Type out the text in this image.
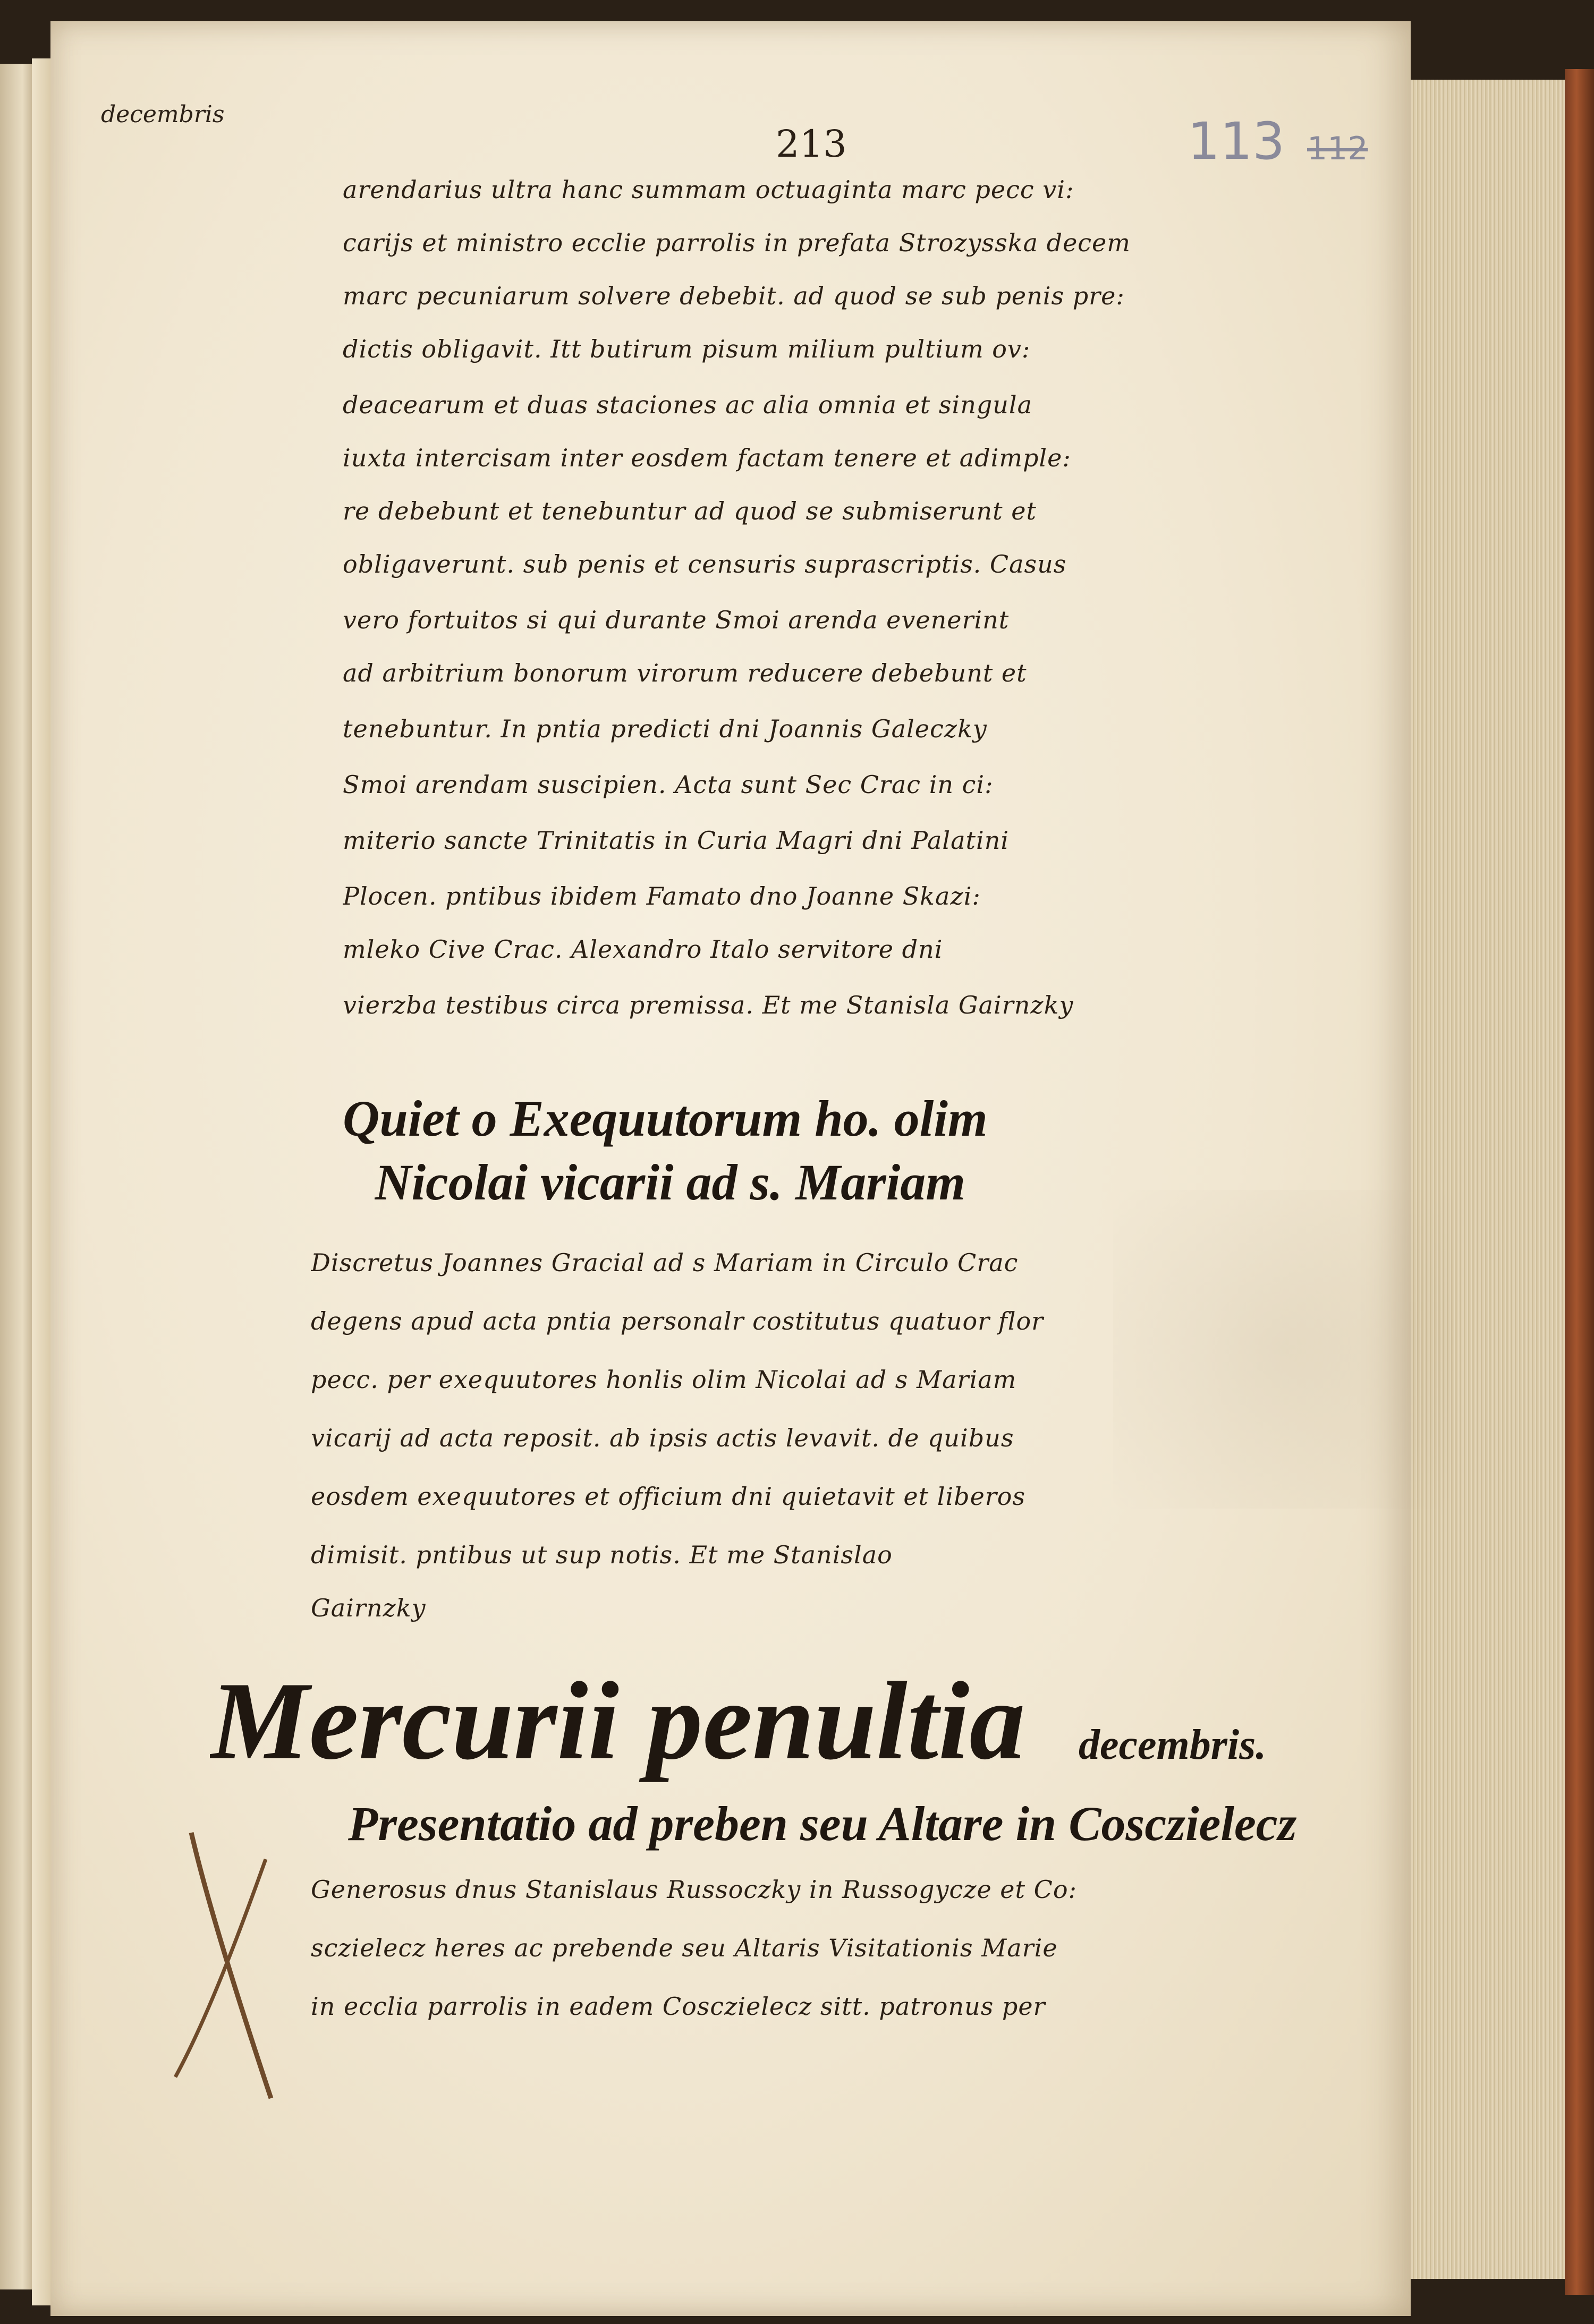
decembris
213	113 112
arendarius ultra hanc summam octuaginta marc pecc vi:
carijs et ministro ecclie parrolis in prefata Strozysska decem
marc pecuniarum solvere debebit. ad quod se sub penis pre:
dictis obligavit. Itt butirum pisum milium pultium ov:
deacearum et duas staciones ac alia omnia et singula
iuxta intercisam inter eosdem factam tenere et adimple:
re debebunt et tenebuntur ad quod se submiserunt et
obligaverunt. sub penis et censuris suprascriptis. Casus
vero fortuitos si qui durante Smoi arenda evenerint
ad arbitrium bonorum virorum reducere debebunt et
tenebuntur. In pntia predicti dni Joannis Galeczky
Smoi arendam suscipien. Acta sunt Sec Crac in ci:
miterio sancte Trinitatis in Curia Magri dni Palatini
Plocen. pntibus ibidem Famato dno Joanne Skazi:
mleko Cive Crac. Alexandro Italo servitore dni
vierzba testibus circa premissa. Et me Stanisla Gairnzky
Quiet o Exequutorum ho. olim
Nicolai vicarii ad s. Mariam
Discretus Joannes Gracial ad s Mariam in Circulo Crac
degens apud acta pntia personalr costitutus quatuor flor
pecc. per exequutores honlis olim Nicolai ad s Mariam
vicarij ad acta reposit. ab ipsis actis levavit. de quibus
eosdem exequutores et officium dni quietavit et liberos
dimisit. pntibus ut sup notis. Et me Stanislao
Gairnzky
Mercurii penultia	decembris.
Presentatio ad preben seu Altare in Cosczielecz
Generosus dnus Stanislaus Russoczky in Russogycze et Co:
sczielecz heres ac prebende seu Altaris Visitationis Marie
in ecclia parrolis in eadem Cosczielecz sitt. patronus per
